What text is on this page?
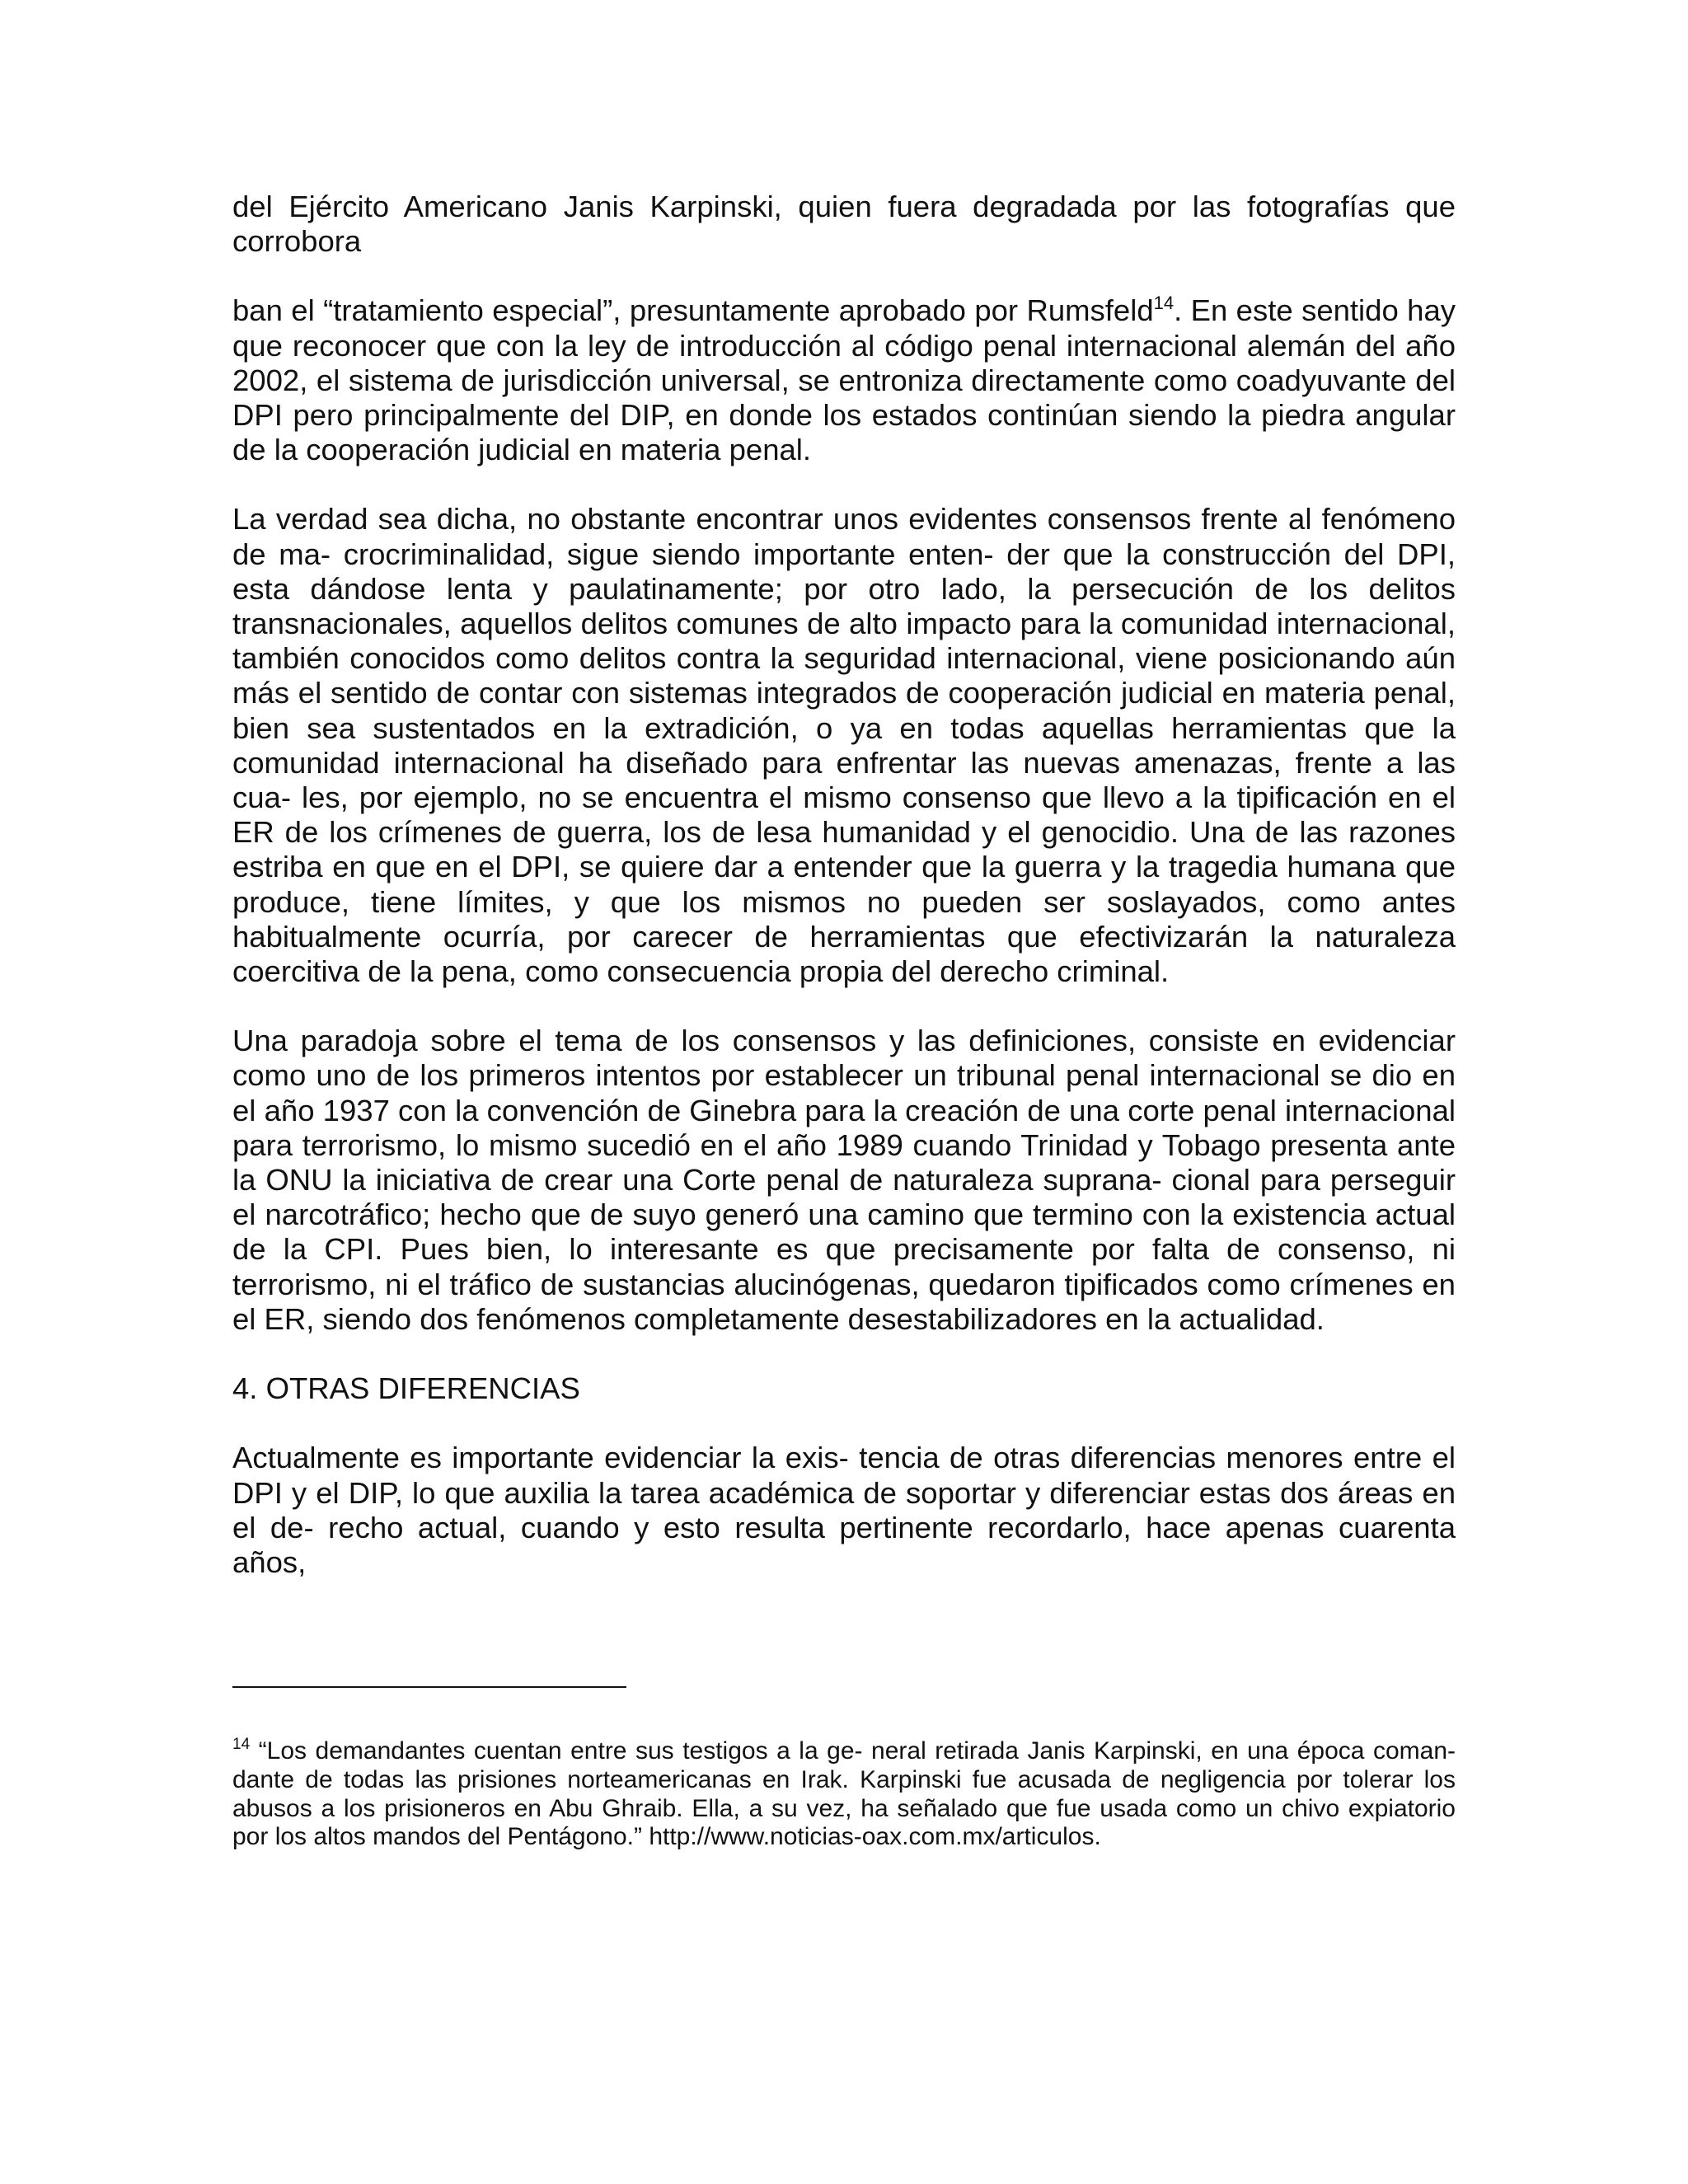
del Ejército Americano Janis Karpinski, quien fuera degradada por las fotografías que corrobora

ban el “tratamiento especial”, presuntamente aprobado por Rumsfeld$^{14}$. En este sentido hay que reconocer que con la ley de introducción al código penal internacional alemán del año 2002, el sistema de jurisdicción universal, se entroniza directamente como coadyuvante del DPI pero principalmente del DIP, en donde los estados continúan siendo la piedra angular de la cooperación judicial en materia penal.

La verdad sea dicha, no obstante encontrar unos evidentes consensos frente al fenómeno de ma- crocriminalidad, sigue siendo importante enten- der que la construcción del DPI, esta dándose lenta y paulatinamente; por otro lado, la persecución de los delitos transnacionales, aquellos delitos comunes de alto impacto para la comunidad internacional, también conocidos como delitos contra la seguridad internacional, viene posicionando aún más el sentido de contar con sistemas integrados de cooperación judicial en materia penal, bien sea sustentados en la extradición, o ya en todas aquellas herramientas que la comunidad internacional ha diseñado para enfrentar las nuevas amenazas, frente a las cua- les, por ejemplo, no se encuentra el mismo consenso que llevo a la tipificación en el ER de los crímenes de guerra, los de lesa humanidad y el genocidio. Una de las razones estriba en que en el DPI, se quiere dar a entender que la guerra y la tragedia humana que produce, tiene límites, y que los mismos no pueden ser soslayados, como antes habitualmente ocurría, por carecer de herramientas que efectivizarán la naturaleza coercitiva de la pena, como consecuencia propia del derecho criminal.

Una paradoja sobre el tema de los consensos y las definiciones, consiste en evidenciar como uno de los primeros intentos por establecer un tribunal penal internacional se dio en el año 1937 con la convención de Ginebra para la creación de una corte penal internacional para terrorismo, lo mismo sucedió en el año 1989 cuando Trinidad y Tobago presenta ante la ONU la iniciativa de crear una Corte penal de naturaleza suprana- cional para perseguir el narcotráfico; hecho que de suyo generó una camino que termino con la existencia actual de la CPI. Pues bien, lo interesante es que precisamente por falta de consenso, ni terrorismo, ni el tráfico de sustancias alucinógenas, quedaron tipificados como crímenes en el ER, siendo dos fenómenos completamente desestabilizadores en la actualidad.

4. OTRAS DIFERENCIAS

Actualmente es importante evidenciar la exis- tencia de otras diferencias menores entre el DPI y el DIP, lo que auxilia la tarea académica de soportar y diferenciar estas dos áreas en el de- recho actual, cuando y esto resulta pertinente recordarlo, hace apenas cuarenta años,

$^{14}$ “Los demandantes cuentan entre sus testigos a la ge- neral retirada Janis Karpinski, en una época coman- dante de todas las prisiones norteamericanas en Irak. Karpinski fue acusada de negligencia por tolerar los abusos a los prisioneros en Abu Ghraib. Ella, a su vez, ha señalado que fue usada como un chivo expiatorio por los altos mandos del Pentágono.” http://www.noticias-oax.com.mx/articulos.
